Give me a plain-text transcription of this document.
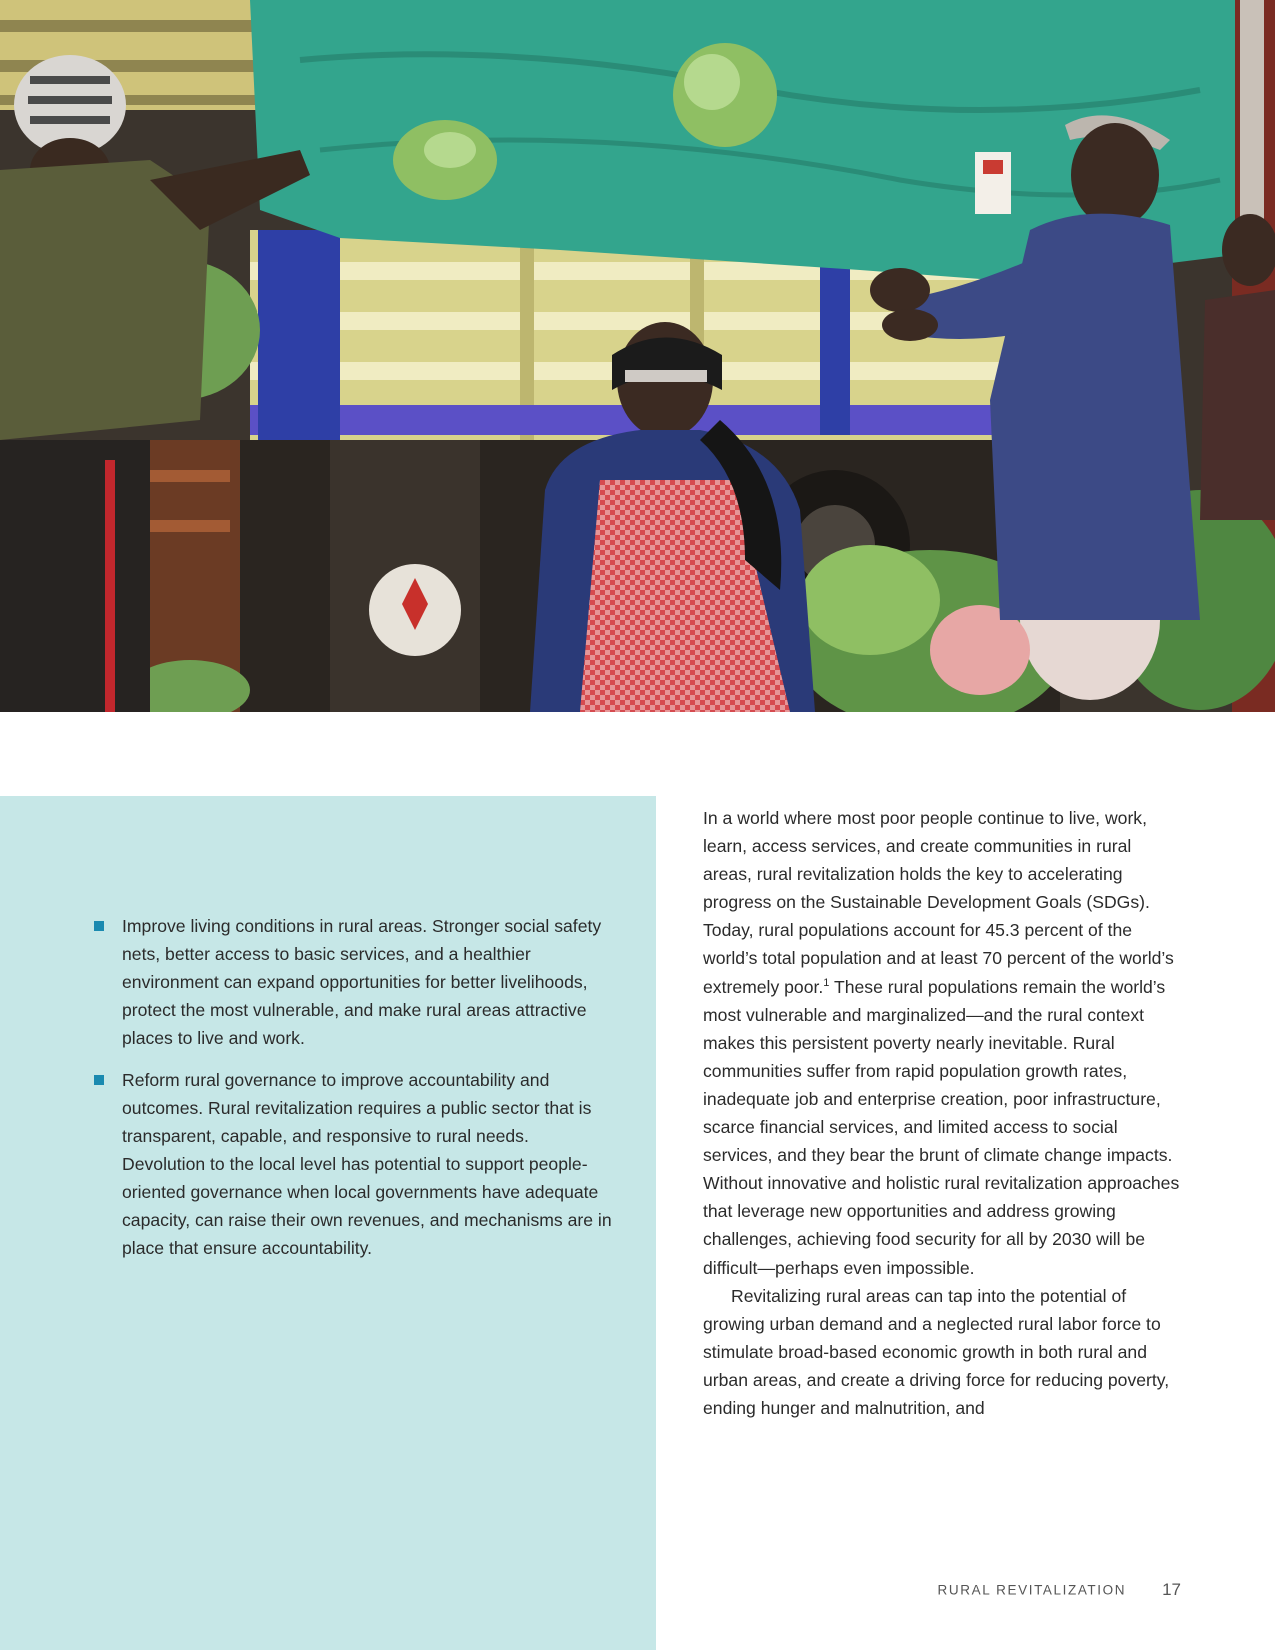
Improve living conditions in rural areas. Stronger social safety nets, better access to basic services, and a healthier environment can expand opportunities for better livelihoods, protect the most vulnerable, and make rural areas attractive places to live and work.
Reform rural governance to improve accountability and outcomes. Rural revitalization requires a public sector that is transparent, capable, and responsive to rural needs. Devolution to the local level has potential to support people-oriented governance when local governments have adequate capacity, can raise their own revenues, and mechanisms are in place that ensure accountability.

In a world where most poor people continue to live, work, learn, access services, and create communities in rural areas, rural revitalization holds the key to accelerating progress on the Sustainable Development Goals (SDGs). Today, rural populations account for 45.3 percent of the world’s total population and at least 70 percent of the world’s extremely poor.$^1$ These rural populations remain the world’s most vulnerable and marginalized—and the rural context makes this persistent poverty nearly inevitable. Rural communities suffer from rapid population growth rates, inadequate job and enterprise creation, poor infrastructure, scarce financial services, and limited access to social services, and they bear the brunt of climate change impacts. Without innovative and holistic rural revitalization approaches that leverage new opportunities and address growing challenges, achieving food security for all by 2030 will be difficult—perhaps even impossible.

Revitalizing rural areas can tap into the potential of growing urban demand and a neglected rural labor force to stimulate broad-based economic growth in both rural and urban areas, and create a driving force for reducing poverty, ending hunger and malnutrition, and

RURAL REVITALIZATION 17
